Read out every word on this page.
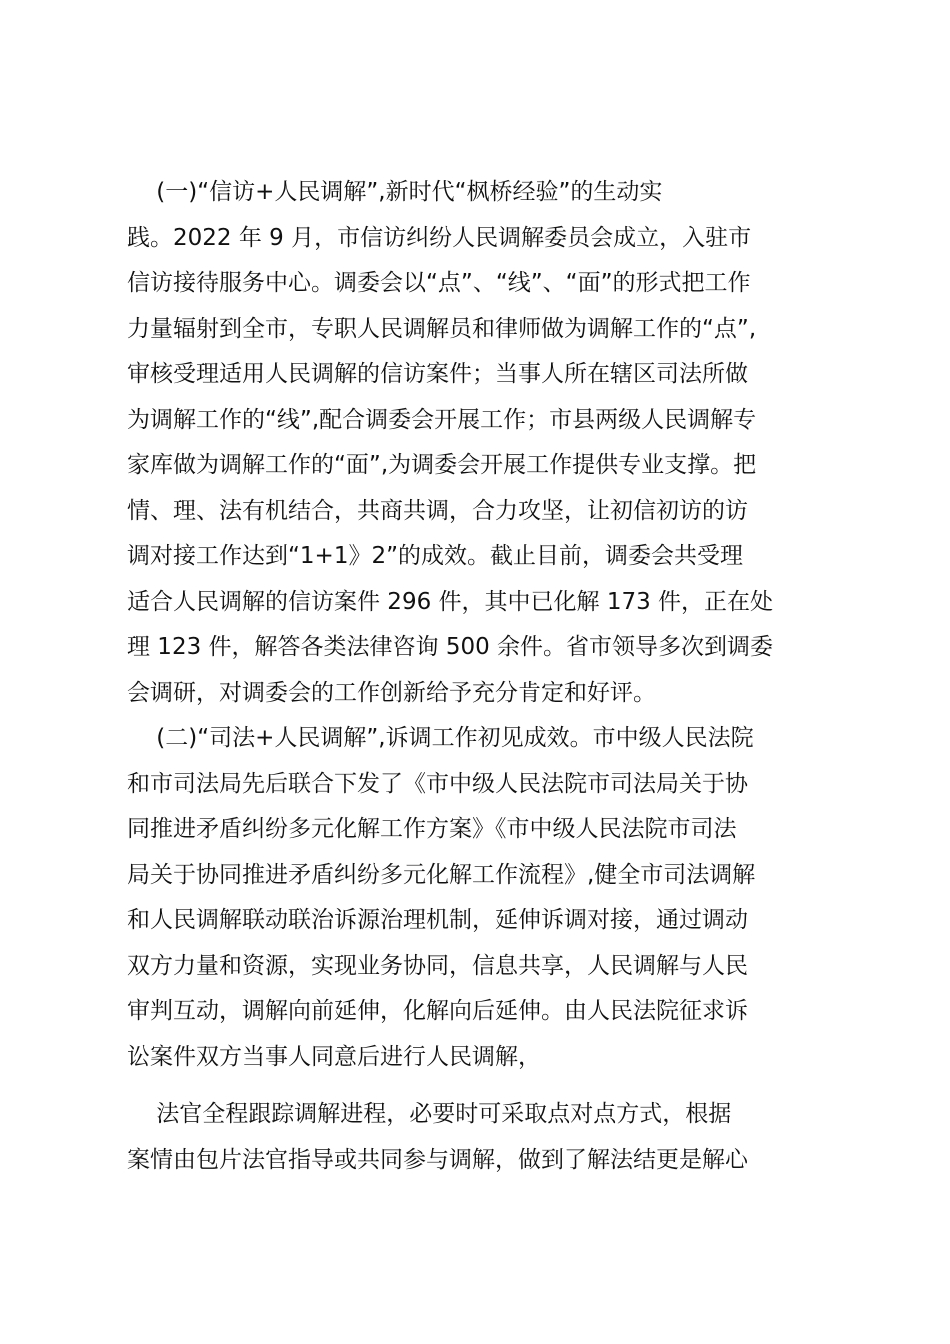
(一)“信访+人民调解”,新时代“枫桥经验”的生动实
践。2022 年 9 月，市信访纠纷人民调解委员会成立，入驻市
信访接待服务中心。调委会以“点”、“线”、“面”的形式把工作
力量辐射到全市，专职人民调解员和律师做为调解工作的“点”,
审核受理适用人民调解的信访案件；当事人所在辖区司法所做
为调解工作的“线”,配合调委会开展工作；市县两级人民调解专
家库做为调解工作的“面”,为调委会开展工作提供专业支撑。把
情、理、法有机结合，共商共调，合力攻坚，让初信初访的访
调对接工作达到“1+1》2”的成效。截止目前，调委会共受理
适合人民调解的信访案件 296 件，其中已化解 173 件，正在处
理 123 件，解答各类法律咨询 500 余件。省市领导多次到调委
会调研，对调委会的工作创新给予充分肯定和好评。

(二)“司法+人民调解”,诉调工作初见成效。市中级人民法院
和市司法局先后联合下发了《市中级人民法院市司法局关于协
同推进矛盾纠纷多元化解工作方案》《市中级人民法院市司法
局关于协同推进矛盾纠纷多元化解工作流程》,健全市司法调解
和人民调解联动联治诉源治理机制，延伸诉调对接，通过调动
双方力量和资源，实现业务协同，信息共享，人民调解与人民
审判互动，调解向前延伸，化解向后延伸。由人民法院征求诉
讼案件双方当事人同意后进行人民调解，

法官全程跟踪调解进程，必要时可采取点对点方式，根据
案情由包片法官指导或共同参与调解，做到了解法结更是解心
